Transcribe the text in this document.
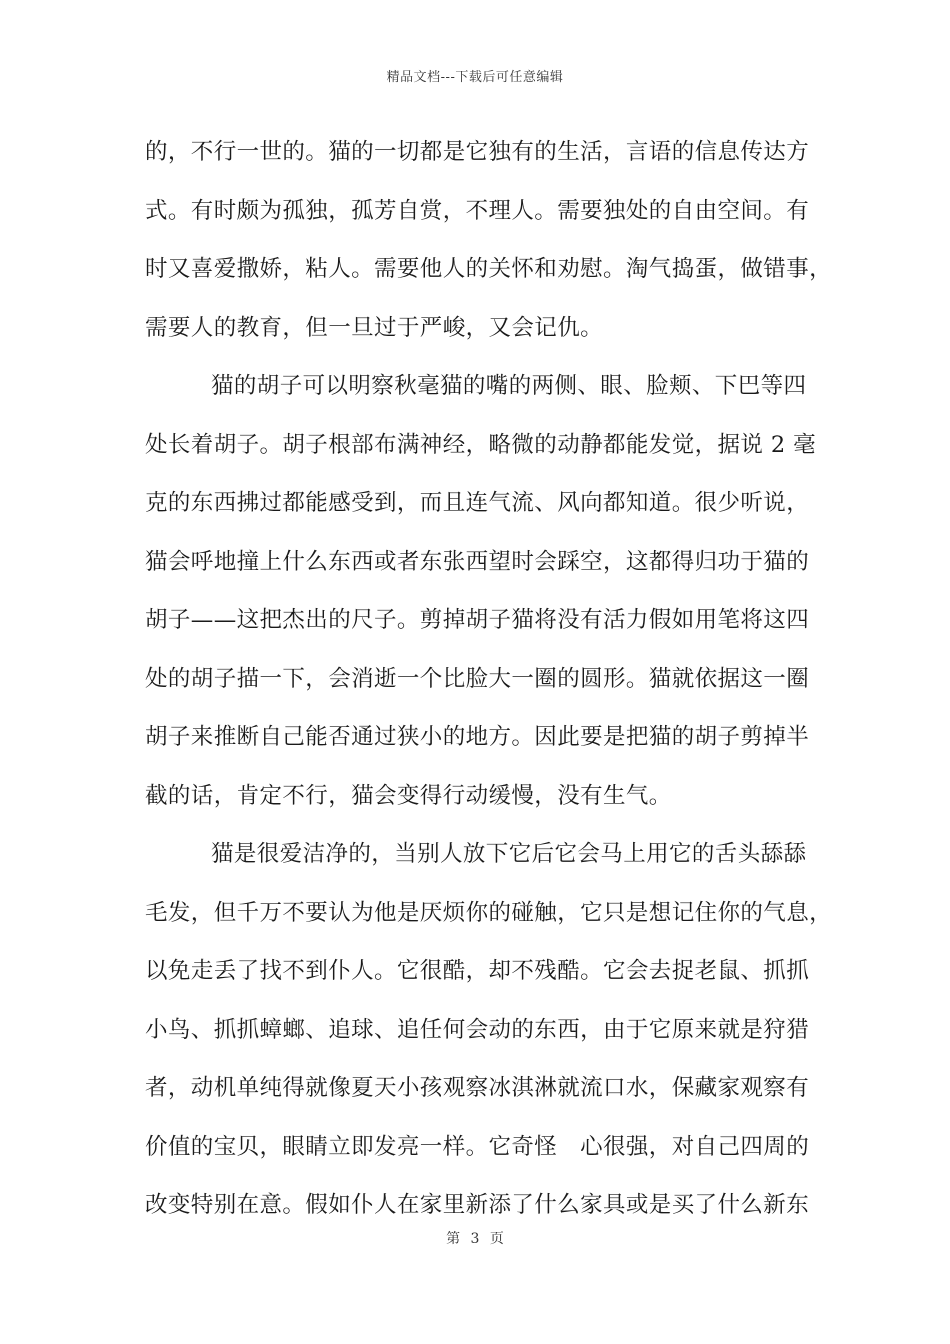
精品文档---下载后可任意编辑
的，不行一世的。猫的一切都是它独有的生活，言语的信息传达方
式。有时颇为孤独，孤芳自赏，不理人。需要独处的自由空间。有
时又喜爱撒娇，粘人。需要他人的关怀和劝慰。淘气捣蛋，做错事，
需要人的教育，但一旦过于严峻，又会记仇。
猫的胡子可以明察秋毫猫的嘴的两侧、眼、脸颊、下巴等四
处长着胡子。胡子根部布满神经，略微的动静都能发觉，据说 2 毫
克的东西拂过都能感受到，而且连气流、风向都知道。很少听说，
猫会呼地撞上什么东西或者东张西望时会踩空，这都得归功于猫的
胡子——这把杰出的尺子。剪掉胡子猫将没有活力假如用笔将这四
处的胡子描一下，会消逝一个比脸大一圈的圆形。猫就依据这一圈
胡子来推断自己能否通过狭小的地方。因此要是把猫的胡子剪掉半
截的话，肯定不行，猫会变得行动缓慢，没有生气。
猫是很爱洁净的，当别人放下它后它会马上用它的舌头舔舔
毛发，但千万不要认为他是厌烦你的碰触，它只是想记住你的气息，
以免走丢了找不到仆人。它很酷，却不残酷。它会去捉老鼠、抓抓
小鸟、抓抓蟑螂、追球、追任何会动的东西，由于它原来就是狩猎
者，动机单纯得就像夏天小孩观察冰淇淋就流口水，保藏家观察有
价值的宝贝，眼睛立即发亮一样。它奇怪　心很强，对自己四周的
改变特别在意。假如仆人在家里新添了什么家具或是买了什么新东
第 3 页
